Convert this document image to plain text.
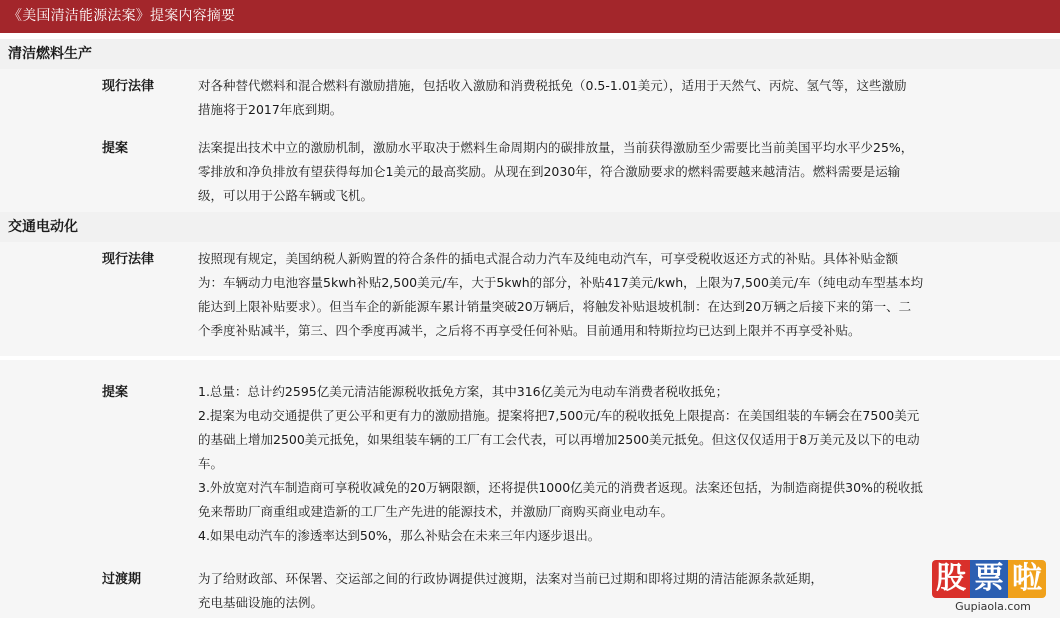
《美国清洁能源法案》提案内容摘要
清洁燃料生产
现行法律	对各种替代燃料和混合燃料有激励措施，包括收入激励和消费税抵免（0.5-1.01美元），适用于天然气、丙烷、氢气等，这些激励

措施将于2017年底到期。

提案	法案提出技术中立的激励机制，激励水平取决于燃料生命周期内的碳排放量，当前获得激励至少需要比当前美国平均水平少25%，

零排放和净负排放有望获得每加仑1美元的最高奖励。从现在到2030年，符合激励要求的燃料需要越来越清洁。燃料需要是运输

级，可以用于公路车辆或飞机。

交通电动化
现行法律	按照现有规定，美国纳税人新购置的符合条件的插电式混合动力汽车及纯电动汽车，可享受税收返还方式的补贴。具体补贴金额

为：车辆动力电池容量5kwh补贴2,500美元/车，大于5kwh的部分，补贴417美元/kwh，上限为7,500美元/车（纯电动车型基本均

能达到上限补贴要求）。但当车企的新能源车累计销量突破20万辆后，将触发补贴退坡机制：在达到20万辆之后接下来的第一、二

个季度补贴减半，第三、四个季度再减半，之后将不再享受任何补贴。目前通用和特斯拉均已达到上限并不再享受补贴。

提案	1.总量：总计约2595亿美元清洁能源税收抵免方案，其中316亿美元为电动车消费者税收抵免；

2.提案为电动交通提供了更公平和更有力的激励措施。提案将把7,500元/车的税收抵免上限提高：在美国组装的车辆会在7500美元

的基础上增加2500美元抵免，如果组装车辆的工厂有工会代表，可以再增加2500美元抵免。但这仅仅适用于8万美元及以下的电动

车。

3.外放宽对汽车制造商可享税收减免的20万辆限额，还将提供1000亿美元的消费者返现。法案还包括，为制造商提供30%的税收抵

免来帮助厂商重组或建造新的工厂生产先进的能源技术，并激励厂商购买商业电动车。

4.如果电动汽车的渗透率达到50%，那么补贴会在未来三年内逐步退出。

过渡期	为了给财政部、环保署、交运部之间的行政协调提供过渡期，法案对当前已过期和即将过期的清洁能源条款延期，

充电基础设施的法例。

股 票 啦
Gupiaola.com
